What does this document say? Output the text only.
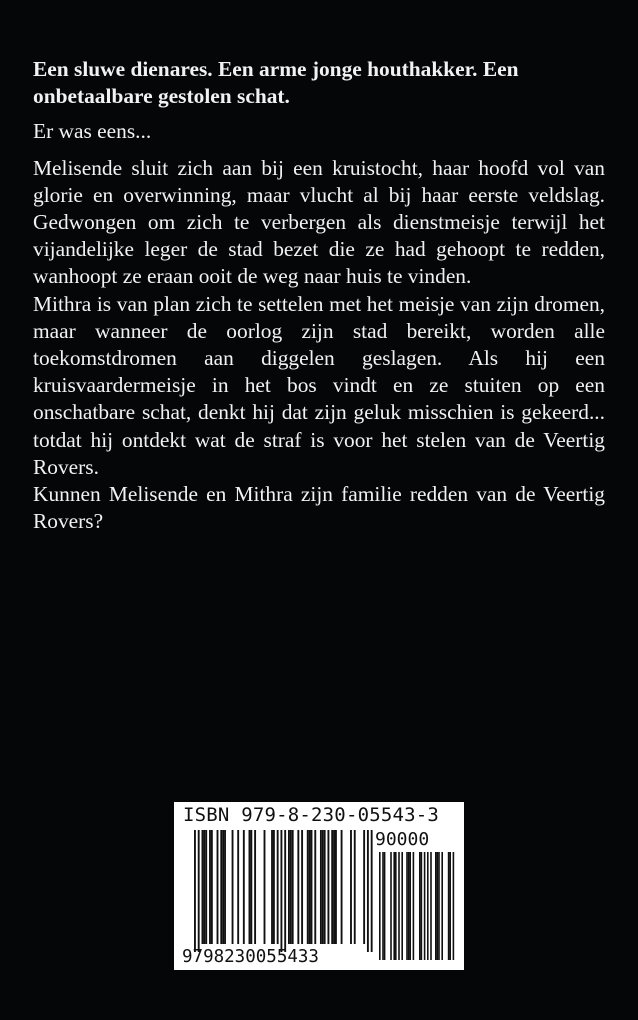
Een sluwe dienares. Een arme jonge houthakker. Een onbetaalbare gestolen schat.

Er was eens...

Melisende sluit zich aan bij een kruistocht, haar hoofd vol van glorie en overwinning, maar vlucht al bij haar eerste veldslag. Gedwongen om zich te verbergen als dienstmeisje terwijl het vijandelijke leger de stad bezet die ze had gehoopt te redden, wanhoopt ze eraan ooit de weg naar huis te vinden.

Mithra is van plan zich te settelen met het meisje van zijn dromen, maar wanneer de oorlog zijn stad bereikt, worden alle toekomstdromen aan diggelen geslagen. Als hij een kruisvaardermeisje in het bos vindt en ze stuiten op een onschatbare schat, denkt hij dat zijn geluk misschien is gekeerd... totdat hij ontdekt wat de straf is voor het stelen van de Veertig Rovers.

Kunnen Melisende en Mithra zijn familie redden van de Veertig Rovers?

ISBN 979-8-230-05543-3
90000
9798230055433
